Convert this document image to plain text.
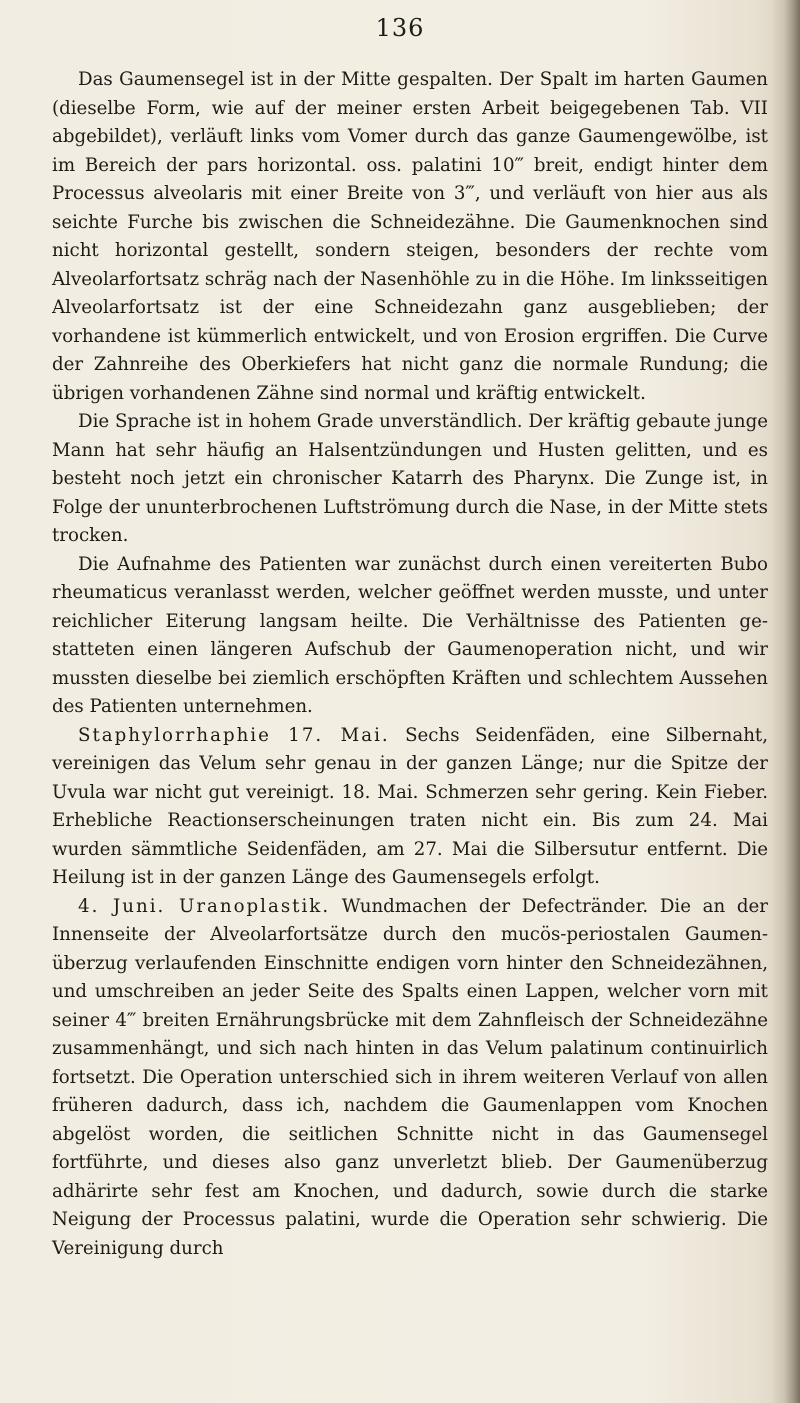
136

Das Gaumensegel ist in der Mitte gespalten. Der Spalt im harten Gaumen (dieselbe Form, wie auf der meiner ersten Arbeit beigegebenen Tab. VII abgebildet), verläuft links vom Vomer durch das ganze Gaumengewölbe, ist im Bereich der pars horizontal. oss. palatini 10‴ breit, endigt hinter dem Processus alveolaris mit einer Breite von 3‴, und verläuft von hier aus als seichte Furche bis zwischen die Schneidezähne. Die Gaumenknochen sind nicht horizontal gestellt, sondern steigen, besonders der rechte vom Alveolarfortsatz schräg nach der Nasenhöhle zu in die Höhe. Im linksseitigen Alveolarfortsatz ist der eine Schneidezahn ganz ausgeblieben; der vorhandene ist kümmerlich entwickelt, und von Erosion ergriffen. Die Curve der Zahnreihe des Oberkiefers hat nicht ganz die normale Rundung; die übrigen vorhandenen Zähne sind normal und kräftig entwickelt.

Die Sprache ist in hohem Grade unverständlich. Der kräftig gebaute junge Mann hat sehr häufig an Halsentzündungen und Husten gelitten, und es besteht noch jetzt ein chronischer Katarrh des Pharynx. Die Zunge ist, in Folge der ununterbrochenen Luftströmung durch die Nase, in der Mitte stets trocken.

Die Aufnahme des Patienten war zunächst durch einen vereiterten Bubo rheumaticus veranlasst werden, welcher geöffnet werden musste, und unter reichlicher Eiterung langsam heilte. Die Verhältnisse des Patienten gestatteten einen längeren Aufschub der Gaumenoperation nicht, und wir mussten dieselbe bei ziemlich erschöpften Kräften und schlechtem Aussehen des Patienten unternehmen.

Staphylorrhaphie 17. Mai. Sechs Seidenfäden, eine Silbernaht, vereinigen das Velum sehr genau in der ganzen Länge; nur die Spitze der Uvula war nicht gut vereinigt. 18. Mai. Schmerzen sehr gering. Kein Fieber. Erhebliche Reactionserscheinungen traten nicht ein. Bis zum 24. Mai wurden sämmtliche Seidenfäden, am 27. Mai die Silbersutur entfernt. Die Heilung ist in der ganzen Länge des Gaumensegels erfolgt.

4. Juni. Uranoplastik. Wundmachen der Defectränder. Die an der Innenseite der Alveolarfortsätze durch den mucös-periostalen Gaumenüberzug verlaufenden Einschnitte endigen vorn hinter den Schneidezähnen, und umschreiben an jeder Seite des Spalts einen Lappen, welcher vorn mit seiner 4‴ breiten Ernährungsbrücke mit dem Zahnfleisch der Schneidezähne zusammenhängt, und sich nach hinten in das Velum palatinum continuirlich fortsetzt. Die Operation unterschied sich in ihrem weiteren Verlauf von allen früheren dadurch, dass ich, nachdem die Gaumenlappen vom Knochen abgelöst worden, die seitlichen Schnitte nicht in das Gaumensegel fortführte, und dieses also ganz unverletzt blieb. Der Gaumenüberzug adhärirte sehr fest am Knochen, und dadurch, sowie durch die starke Neigung der Processus palatini, wurde die Operation sehr schwierig. Die Vereinigung durch
